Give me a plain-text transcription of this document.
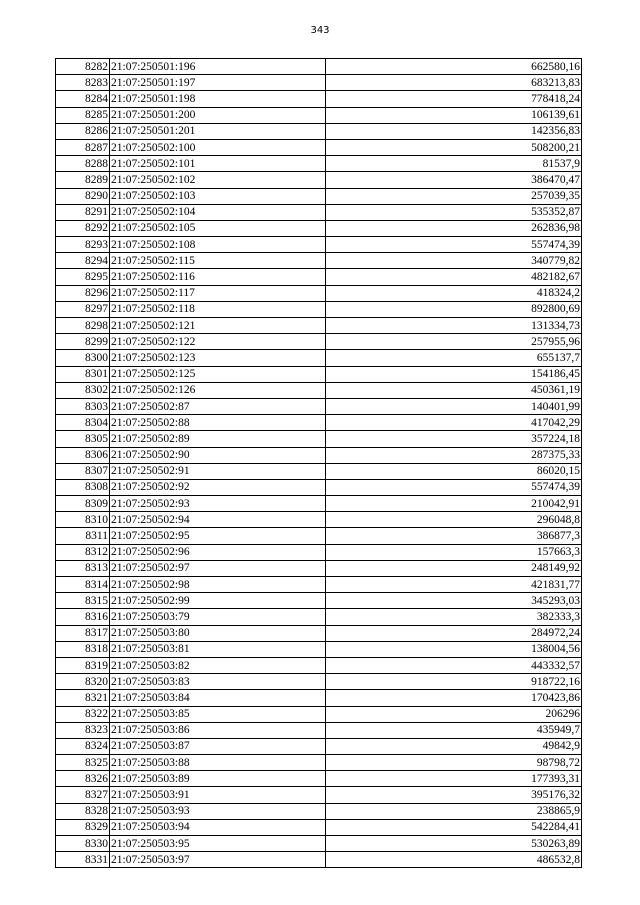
343
8282	21:07:250501:196	662580,16
8283	21:07:250501:197	683213,83
8284	21:07:250501:198	778418,24
8285	21:07:250501:200	106139,61
8286	21:07:250501:201	142356,83
8287	21:07:250502:100	508200,21
8288	21:07:250502:101	81537,9
8289	21:07:250502:102	386470,47
8290	21:07:250502:103	257039,35
8291	21:07:250502:104	535352,87
8292	21:07:250502:105	262836,98
8293	21:07:250502:108	557474,39
8294	21:07:250502:115	340779,82
8295	21:07:250502:116	482182,67
8296	21:07:250502:117	418324,2
8297	21:07:250502:118	892800,69
8298	21:07:250502:121	131334,73
8299	21:07:250502:122	257955,96
8300	21:07:250502:123	655137,7
8301	21:07:250502:125	154186,45
8302	21:07:250502:126	450361,19
8303	21:07:250502:87	140401,99
8304	21:07:250502:88	417042,29
8305	21:07:250502:89	357224,18
8306	21:07:250502:90	287375,33
8307	21:07:250502:91	86020,15
8308	21:07:250502:92	557474,39
8309	21:07:250502:93	210042,91
8310	21:07:250502:94	296048,8
8311	21:07:250502:95	386877,3
8312	21:07:250502:96	157663,3
8313	21:07:250502:97	248149,92
8314	21:07:250502:98	421831,77
8315	21:07:250502:99	345293,03
8316	21:07:250503:79	382333,3
8317	21:07:250503:80	284972,24
8318	21:07:250503:81	138004,56
8319	21:07:250503:82	443332,57
8320	21:07:250503:83	918722,16
8321	21:07:250503:84	170423,86
8322	21:07:250503:85	206296
8323	21:07:250503:86	435949,7
8324	21:07:250503:87	49842,9
8325	21:07:250503:88	98798,72
8326	21:07:250503:89	177393,31
8327	21:07:250503:91	395176,32
8328	21:07:250503:93	238865,9
8329	21:07:250503:94	542284,41
8330	21:07:250503:95	530263,89
8331	21:07:250503:97	486532,8
